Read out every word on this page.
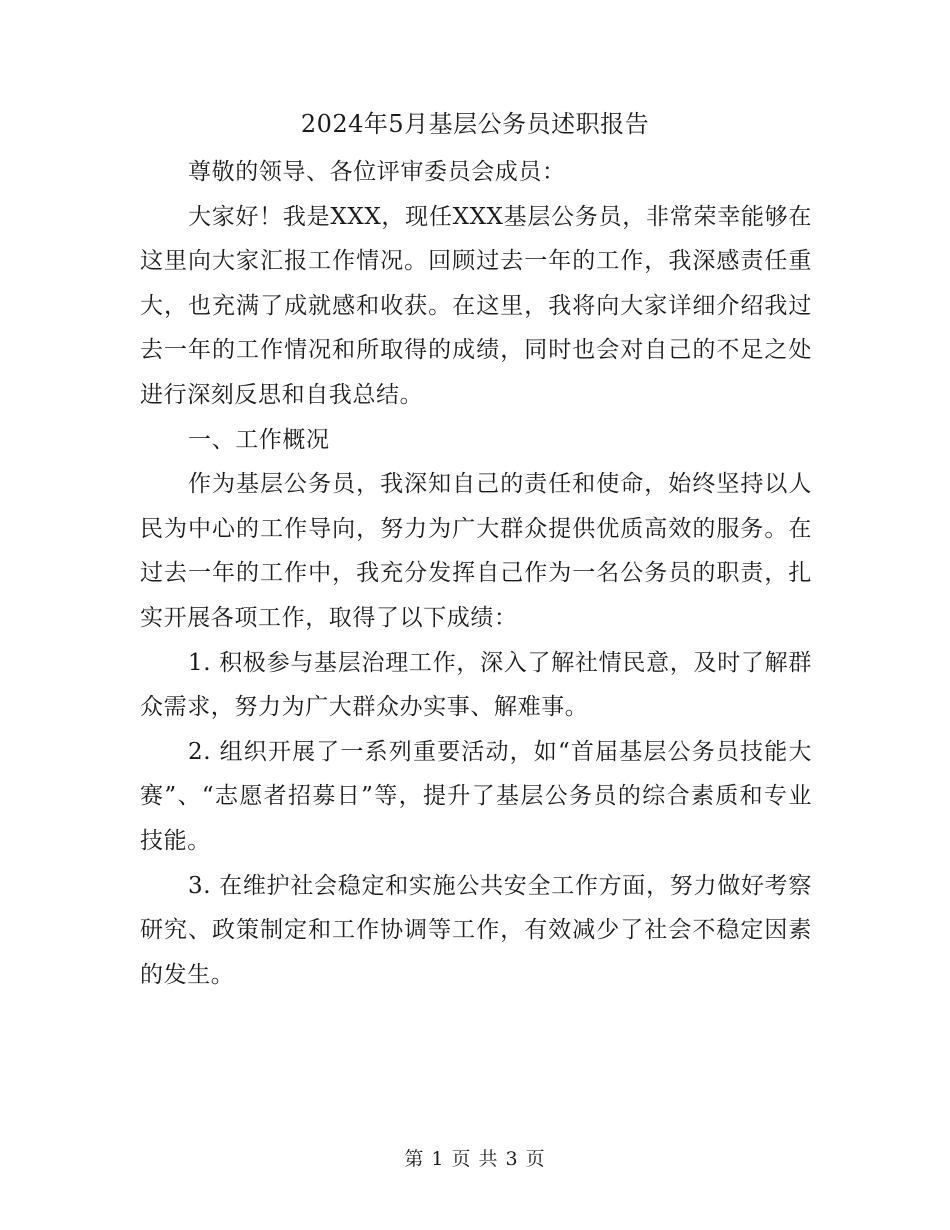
2024年5月基层公务员述职报告

尊敬的领导、各位评审委员会成员：

大家好！我是XXX，现任XXX基层公务员，非常荣幸能够在这里向大家汇报工作情况。回顾过去一年的工作，我深感责任重大，也充满了成就感和收获。在这里，我将向大家详细介绍我过去一年的工作情况和所取得的成绩，同时也会对自己的不足之处进行深刻反思和自我总结。

一、工作概况

作为基层公务员，我深知自己的责任和使命，始终坚持以人民为中心的工作导向，努力为广大群众提供优质高效的服务。在过去一年的工作中，我充分发挥自己作为一名公务员的职责，扎实开展各项工作，取得了以下成绩：

1. 积极参与基层治理工作，深入了解社情民意，及时了解群众需求，努力为广大群众办实事、解难事。

2. 组织开展了一系列重要活动，如“首届基层公务员技能大赛”、“志愿者招募日”等，提升了基层公务员的综合素质和专业技能。

3. 在维护社会稳定和实施公共安全工作方面，努力做好考察研究、政策制定和工作协调等工作，有效减少了社会不稳定因素的发生。

第 1 页 共 3 页
